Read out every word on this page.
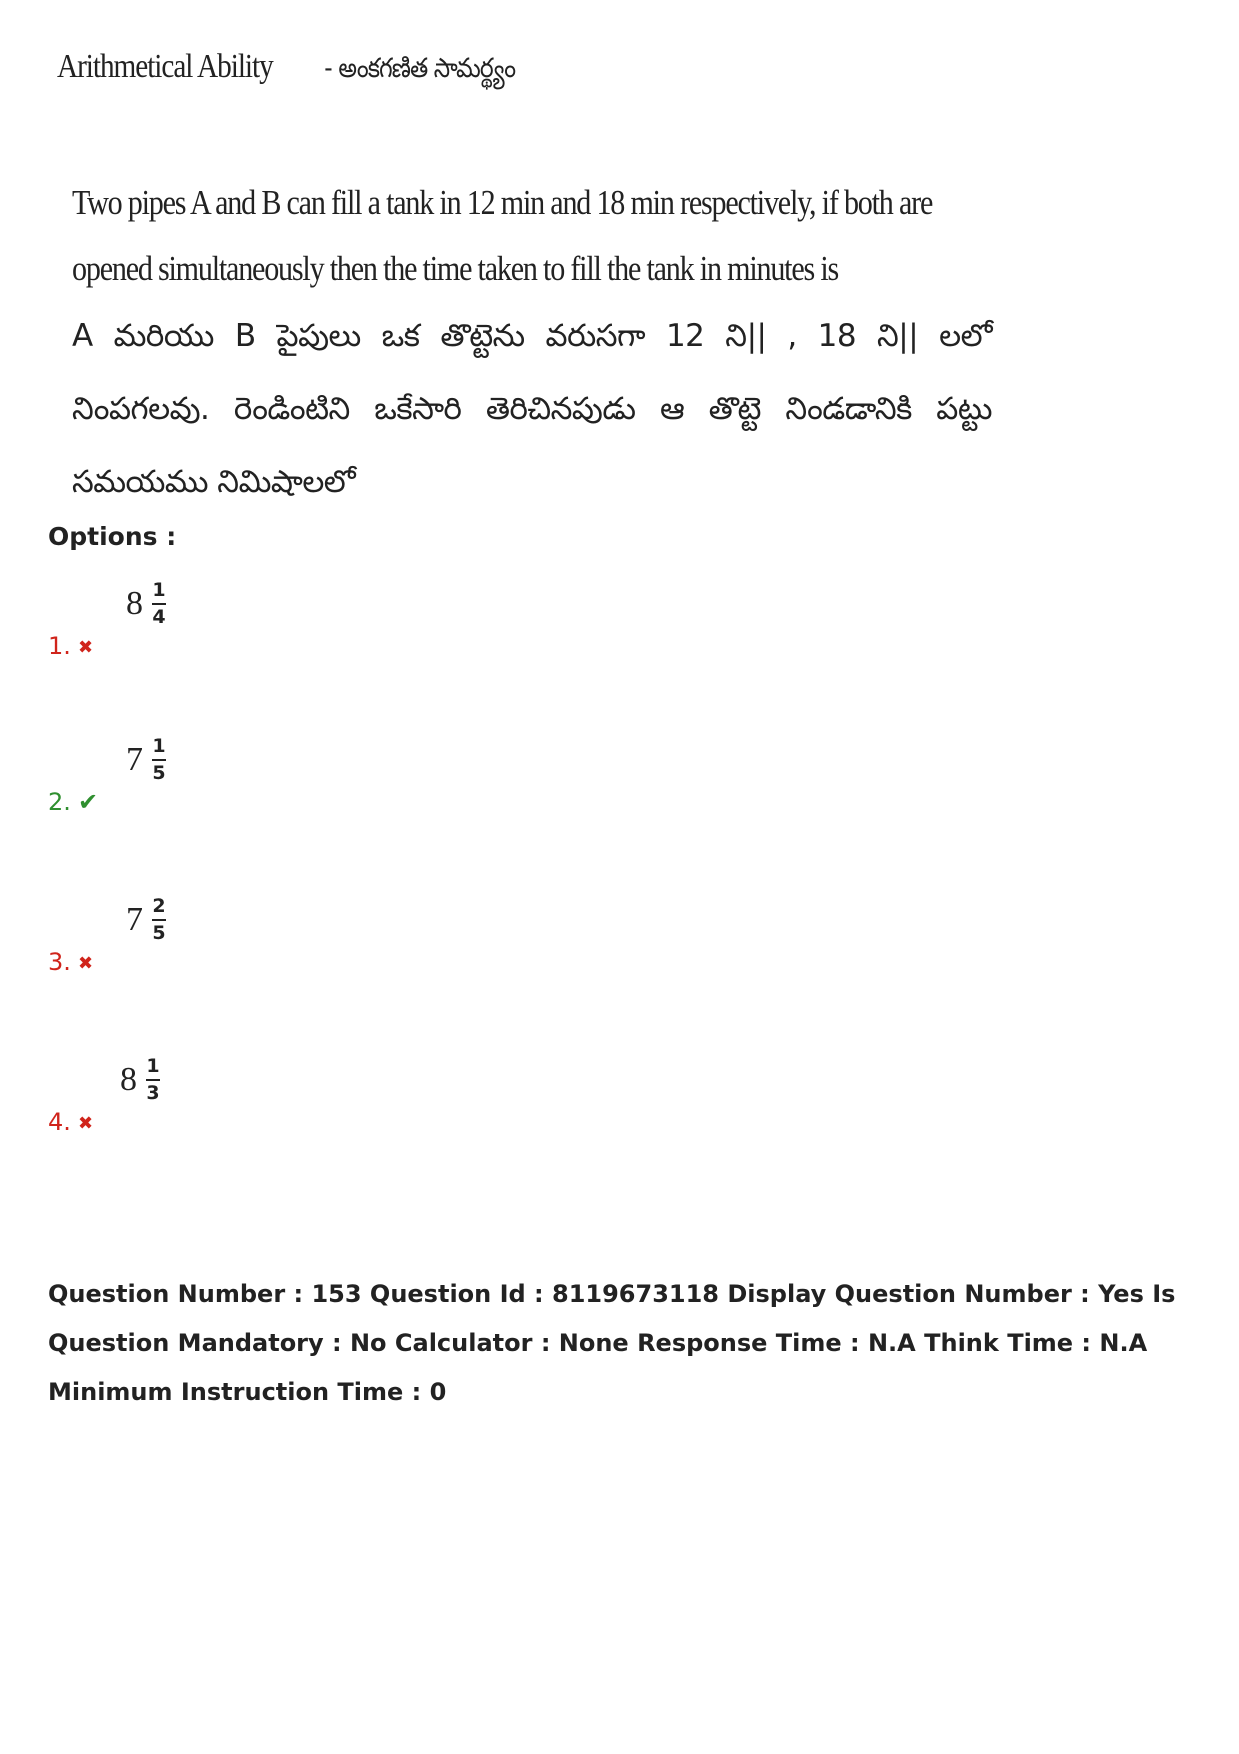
Arithmetical Ability - అంకగణిత సామర్థ్యం
Two pipes A and B can fill a tank in 12 min and 18 min respectively, if both are opened simultaneously then the time taken to fill the tank in minutes is
A మరియు B పైపులు ఒక తొట్టెను వరుసగా 12 ని|| , 18 ని|| లలో నింపగలవు. రెండింటిని ఒకేసారి తెరిచినపుడు ఆ తొట్టె నిండడానికి పట్టు సమయము నిమిషాలలో
Options :
1. ✖
8 1
4
2. ✔
7 1
5
3. ✖
7 2
5
4. ✖
8 1
3
Question Number : 153 Question Id : 8119673118 Display Question Number : Yes Is Question Mandatory : No Calculator : None Response Time : N.A Think Time : N.A Minimum Instruction Time : 0
